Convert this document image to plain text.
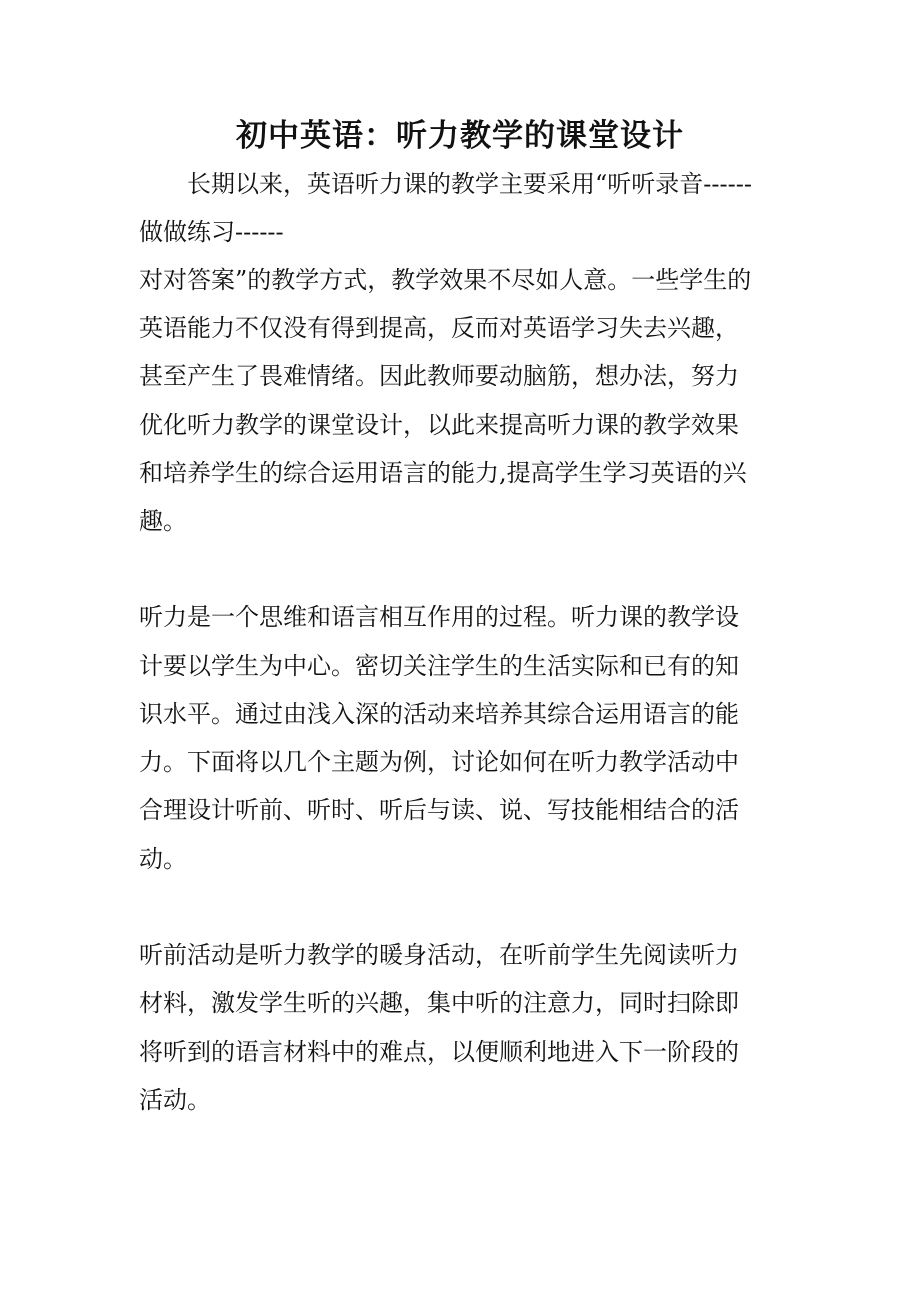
初中英语：听力教学的课堂设计
长期以来，英语听力课的教学主要采用“听听录音------
做做练习------
对对答案”的教学方式，教学效果不尽如人意。一些学生的
英语能力不仅没有得到提高，反而对英语学习失去兴趣，
甚至产生了畏难情绪。因此教师要动脑筋，想办法，努力
优化听力教学的课堂设计，以此来提高听力课的教学效果
和培养学生的综合运用语言的能力,提高学生学习英语的兴
趣。
听力是一个思维和语言相互作用的过程。听力课的教学设
计要以学生为中心。密切关注学生的生活实际和已有的知
识水平。通过由浅入深的活动来培养其综合运用语言的能
力。下面将以几个主题为例，讨论如何在听力教学活动中
合理设计听前、听时、听后与读、说、写技能相结合的活
动。
听前活动是听力教学的暖身活动，在听前学生先阅读听力
材料，激发学生听的兴趣，集中听的注意力，同时扫除即
将听到的语言材料中的难点，以便顺利地进入下一阶段的
活动。
